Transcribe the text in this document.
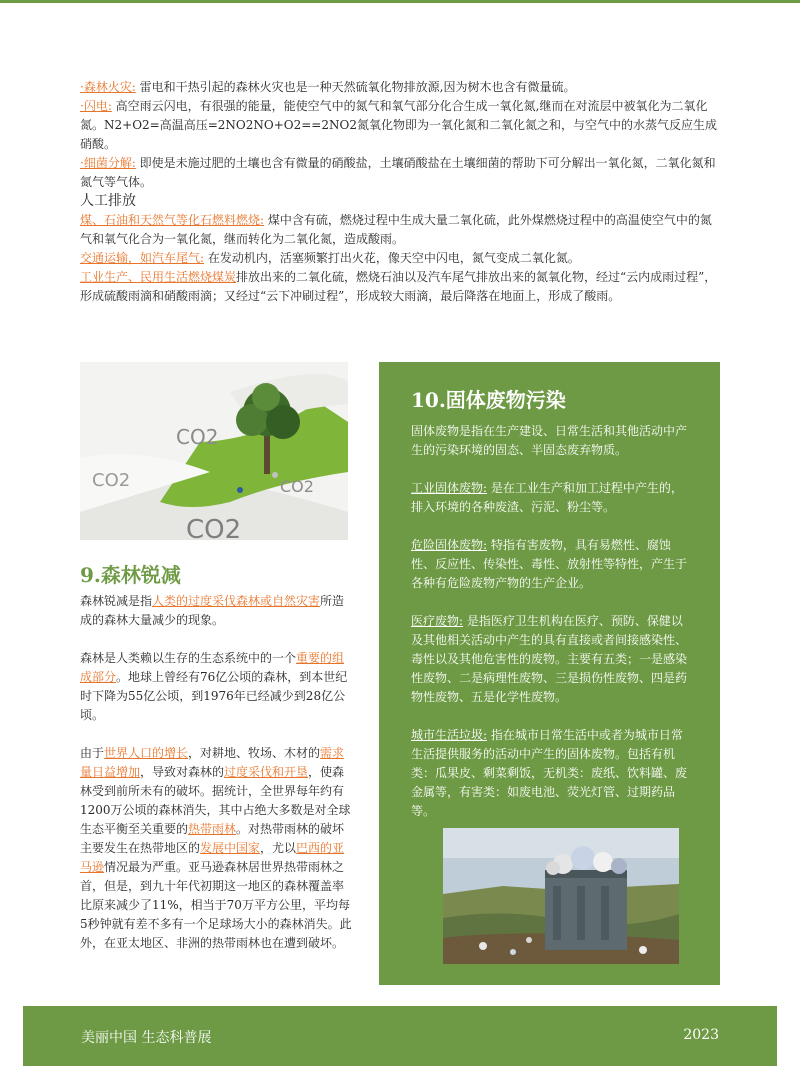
·森林火灾: 雷电和干热引起的森林火灾也是一种天然硫氧化物排放源,因为树木也含有微量硫。

·闪电: 高空雨云闪电，有很强的能量，能使空气中的氮气和氧气部分化合生成一氧化氮,继而在对流层中被氧化为二氧化氮。N2+O2=高温高压=2NO2NO+O2==2NO2氮氧化物即为一氧化氮和二氧化氮之和，与空气中的水蒸气反应生成硝酸。

·细菌分解: 即使是未施过肥的土壤也含有微量的硝酸盐，土壤硝酸盐在土壤细菌的帮助下可分解出一氧化氮，二氧化氮和氮气等气体。

人工排放

煤、石油和天然气等化石燃料燃烧: 煤中含有硫，燃烧过程中生成大量二氧化硫，此外煤燃烧过程中的高温使空气中的氮气和氧气化合为一氧化氮，继而转化为二氧化氮，造成酸雨。

交通运输，如汽车尾气: 在发动机内，活塞频繁打出火花，像天空中闪电，氮气变成二氧化氮。

工业生产、民用生活燃烧煤炭排放出来的二氧化硫，燃烧石油以及汽车尾气排放出来的氮氧化物，经过“云内成雨过程”，形成硫酸雨滴和硝酸雨滴；又经过“云下冲刷过程”，形成较大雨滴，最后降落在地面上，形成了酸雨。

CO2
CO2
CO2
CO2
9.森林锐减

森林锐减是指人类的过度采伐森林或自然灾害所造成的森林大量减少的现象。

森林是人类赖以生存的生态系统中的一个重要的组成部分。地球上曾经有76亿公顷的森林，到本世纪时下降为55亿公顷，到1976年已经减少到28亿公顷。

由于世界人口的增长，对耕地、牧场、木材的需求量日益增加，导致对森林的过度采伐和开垦，使森林受到前所未有的破坏。据统计，全世界每年约有1200万公顷的森林消失，其中占绝大多数是对全球生态平衡至关重要的热带雨林。对热带雨林的破坏主要发生在热带地区的发展中国家，尤以巴西的亚马逊情况最为严重。亚马逊森林居世界热带雨林之首，但是，到九十年代初期这一地区的森林覆盖率比原来减少了11%，相当于70万平方公里，平均每5秒钟就有差不多有一个足球场大小的森林消失。此外，在亚太地区、非洲的热带雨林也在遭到破坏。

10.固体废物污染

固体废物是指在生产建设、日常生活和其他活动中产生的污染环境的固态、半固态废弃物质。

工业固体废物: 是在工业生产和加工过程中产生的，排入环境的各种废渣、污泥、粉尘等。

危险固体废物: 特指有害废物，具有易燃性、腐蚀性、反应性、传染性、毒性、放射性等特性，产生于各种有危险废物产物的生产企业。

医疗废物: 是指医疗卫生机构在医疗、预防、保健以及其他相关活动中产生的具有直接或者间接感染性、毒性以及其他危害性的废物。主要有五类；一是感染性废物、二是病理性废物、三是损伤性废物、四是药物性废物、五是化学性废物。

城市生活垃圾: 指在城市日常生活中或者为城市日常生活提供服务的活动中产生的固体废物。包括有机类：瓜果皮、剩菜剩饭，无机类：废纸、饮料罐、废金属等，有害类：如废电池、荧光灯管、过期药品等。

美丽中国 生态科普展	2023
